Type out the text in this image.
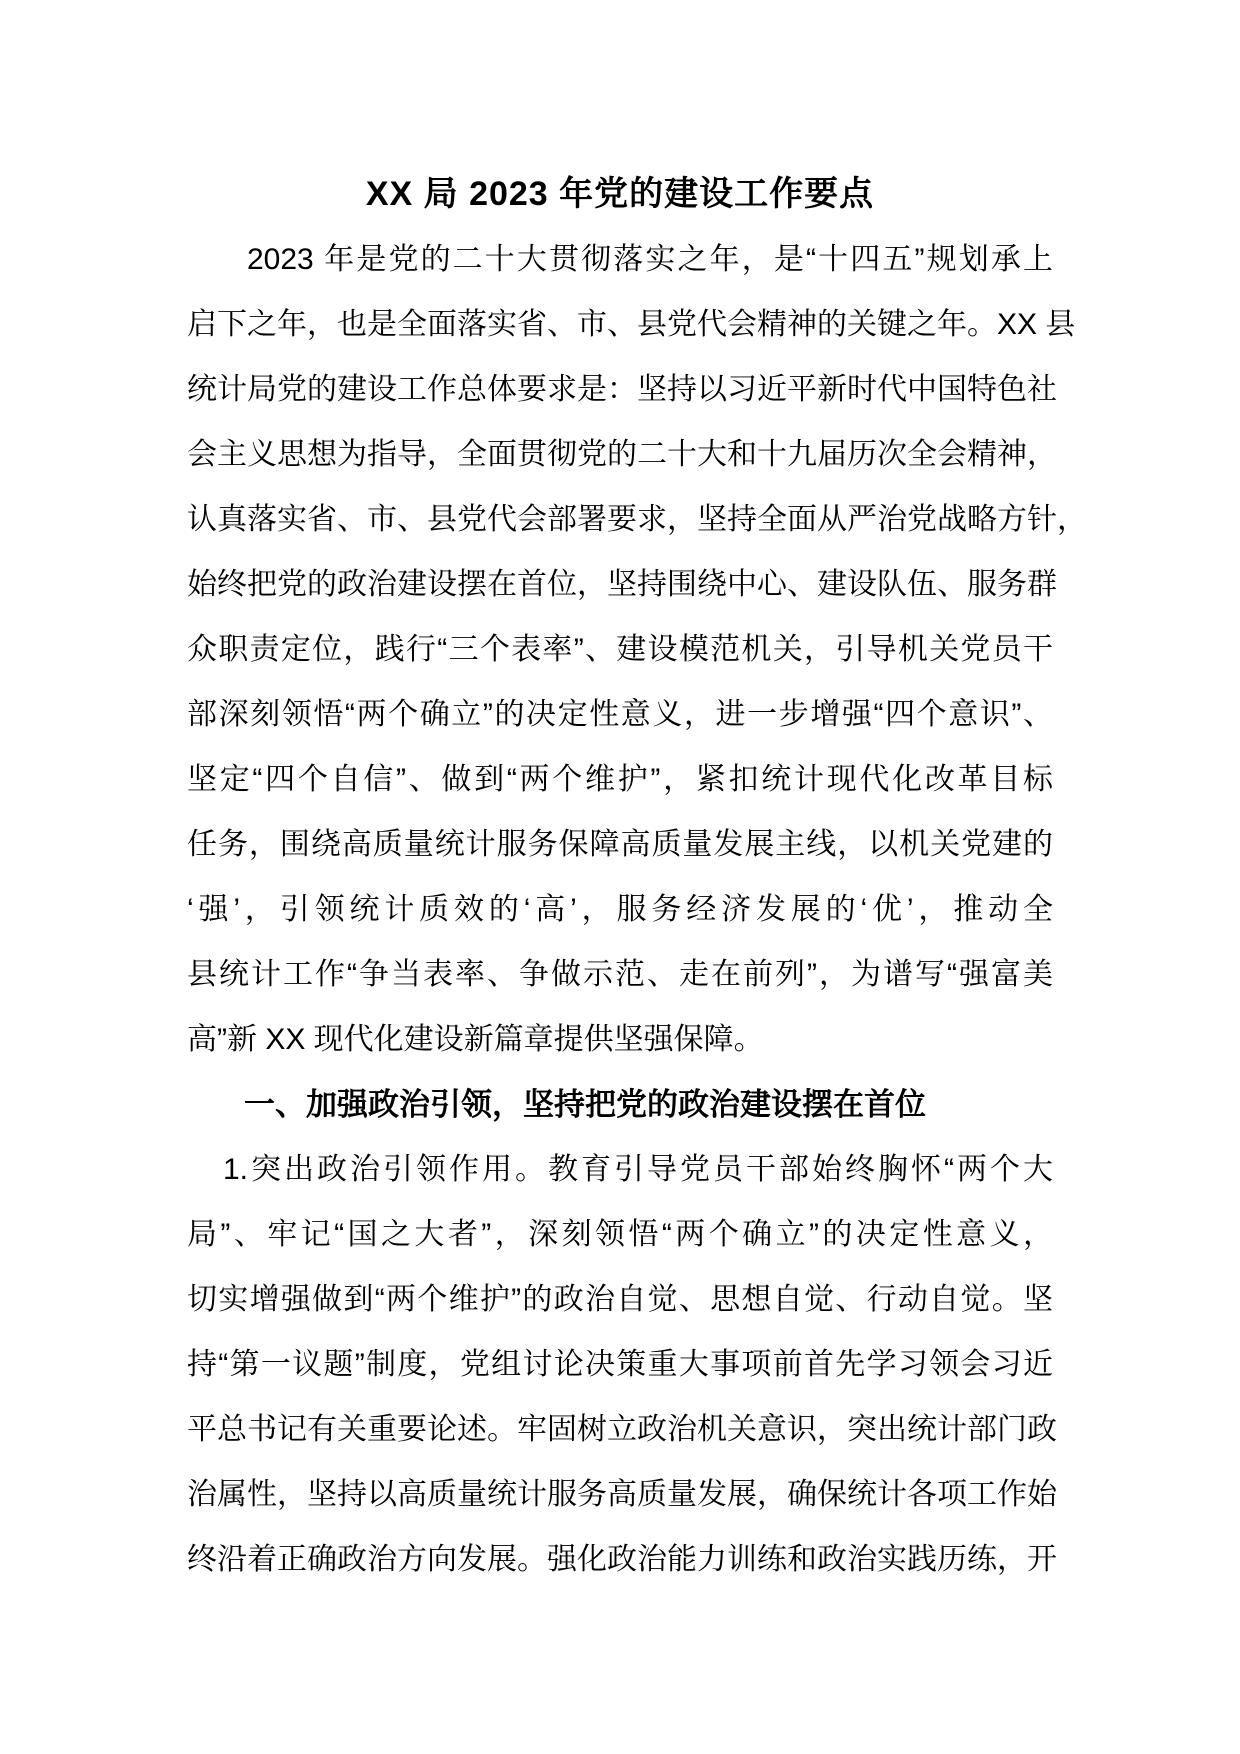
XX 局 2023 年党的建设工作要点
2023 年是党的二十大贯彻落实之年，是“十四五”规划承上
启下之年，也是全面落实省、市、县党代会精神的关键之年。XX 县
统计局党的建设工作总体要求是：坚持以习近平新时代中国特色社
会主义思想为指导，全面贯彻党的二十大和十九届历次全会精神，
认真落实省、市、县党代会部署要求，坚持全面从严治党战略方针，
始终把党的政治建设摆在首位，坚持围绕中心、建设队伍、服务群
众职责定位，践行“三个表率”、建设模范机关，引导机关党员干
部深刻领悟“两个确立”的决定性意义，进一步增强“四个意识”、
坚定“四个自信”、做到“两个维护”，紧扣统计现代化改革目标
任务，围绕高质量统计服务保障高质量发展主线，以机关党建的
‘强’，引领统计质效的‘高’，服务经济发展的‘优’，推动全
县统计工作“争当表率、争做示范、走在前列”，为谱写“强富美
高”新 XX 现代化建设新篇章提供坚强保障。
一、加强政治引领，坚持把党的政治建设摆在首位
1.突出政治引领作用。教育引导党员干部始终胸怀“两个大
局”、牢记“国之大者”，深刻领悟“两个确立”的决定性意义，
切实增强做到“两个维护”的政治自觉、思想自觉、行动自觉。坚
持“第一议题”制度，党组讨论决策重大事项前首先学习领会习近
平总书记有关重要论述。牢固树立政治机关意识，突出统计部门政
治属性，坚持以高质量统计服务高质量发展，确保统计各项工作始
终沿着正确政治方向发展。强化政治能力训练和政治实践历练，开
